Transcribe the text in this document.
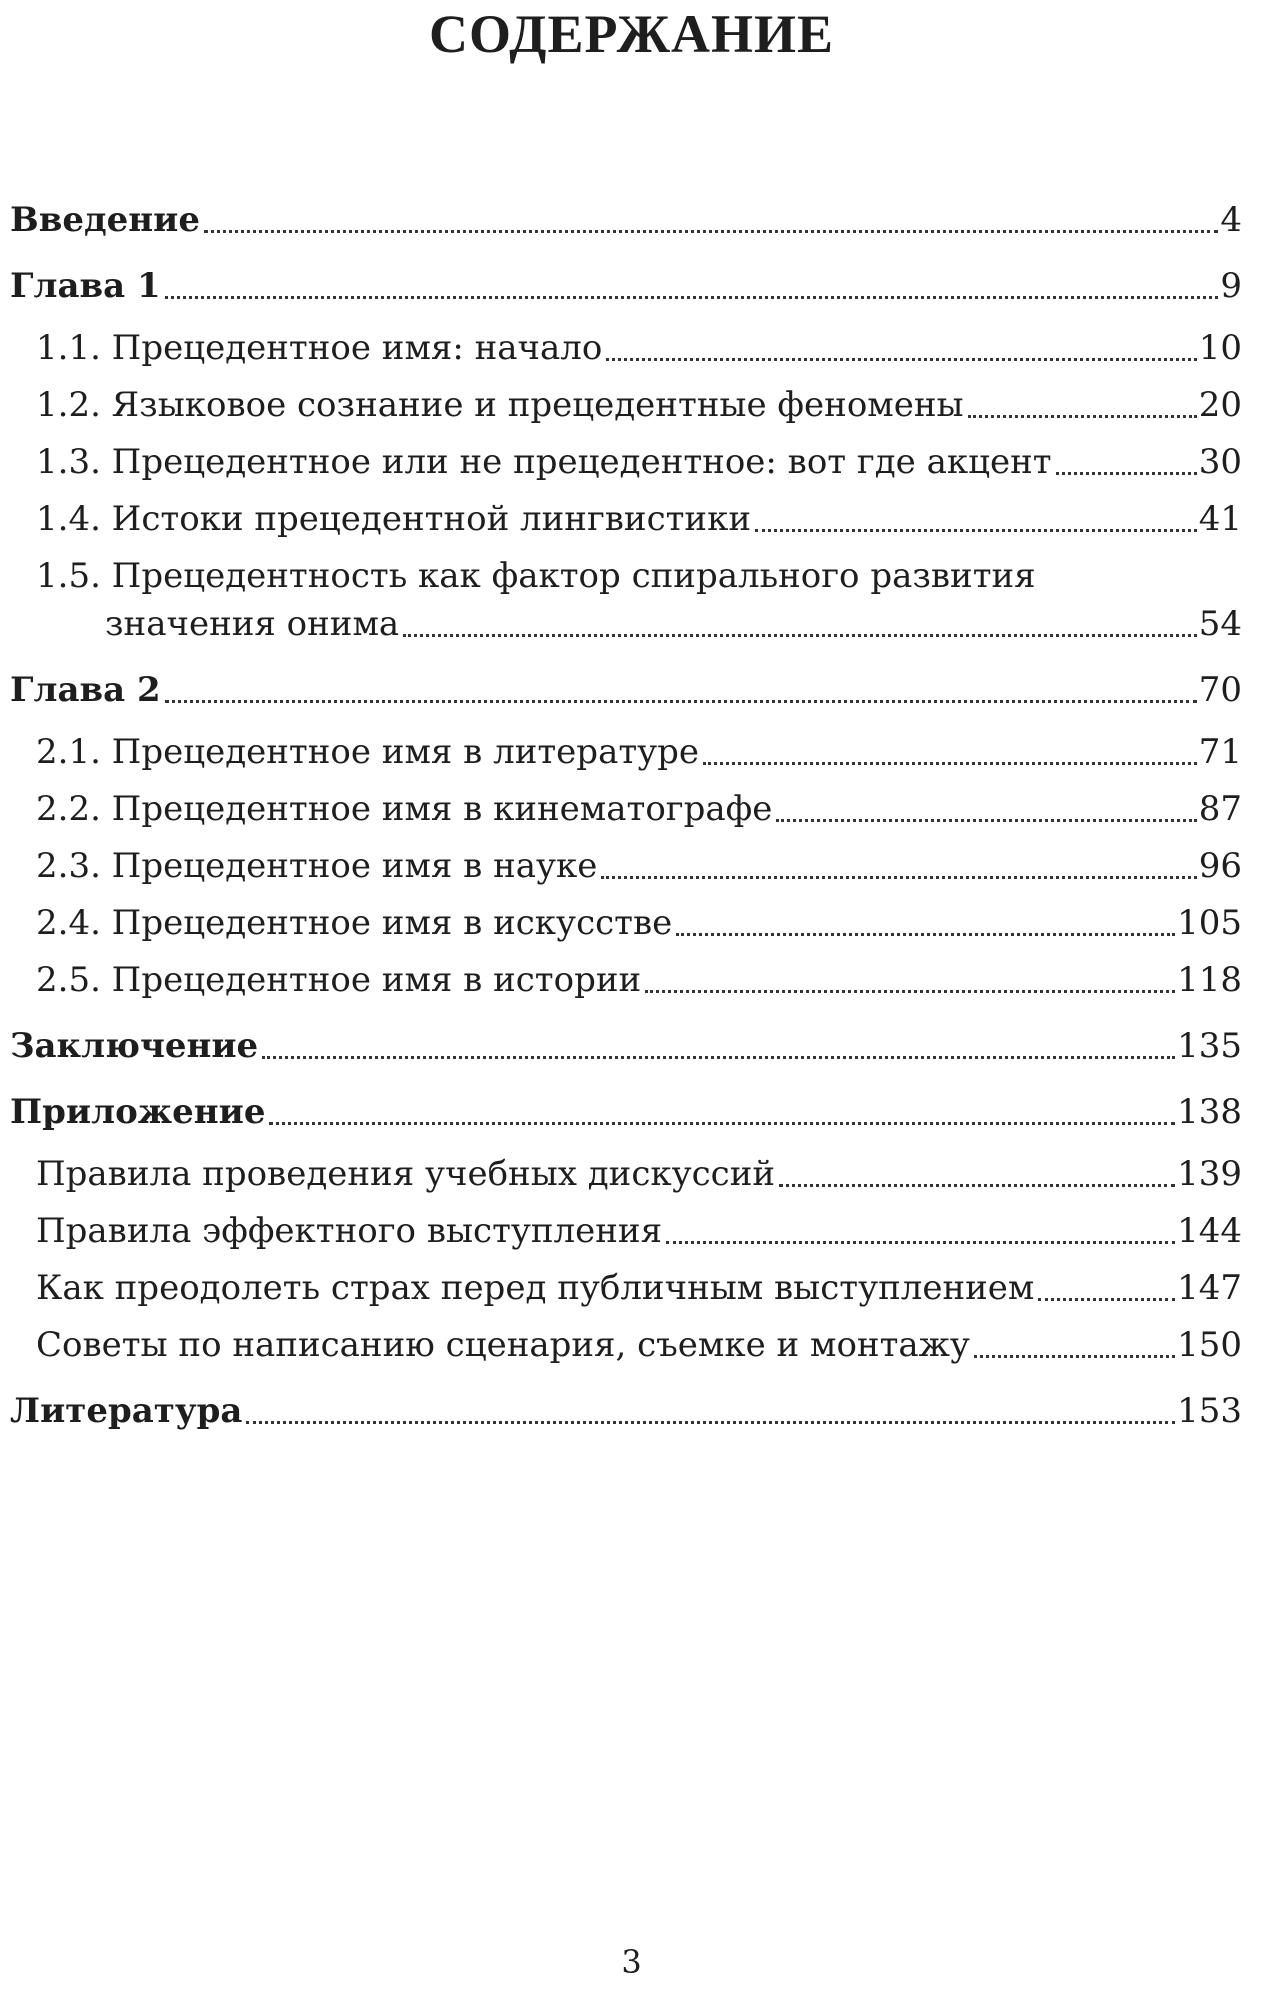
СОДЕРЖАНИЕ
Введение	4
Глава 1	9
1.1. Прецедентное имя: начало	10
1.2. Языковое сознание и прецедентные феномены	20
1.3. Прецедентное или не прецедентное: вот где акцент	30
1.4. Истоки прецедентной лингвистики	41
1.5. Прецедентность как фактор спирального развития
значения онима	54
Глава 2	70
2.1. Прецедентное имя в литературе	71
2.2. Прецедентное имя в кинематографе	87
2.3. Прецедентное имя в науке	96
2.4. Прецедентное имя в искусстве	105
2.5. Прецедентное имя в истории	118
Заключение	135
Приложение	138
Правила проведения учебных дискуссий	139
Правила эффектного выступления	144
Как преодолеть страх перед публичным выступлением	147
Советы по написанию сценария, съемке и монтажу	150
Литература	153
3
